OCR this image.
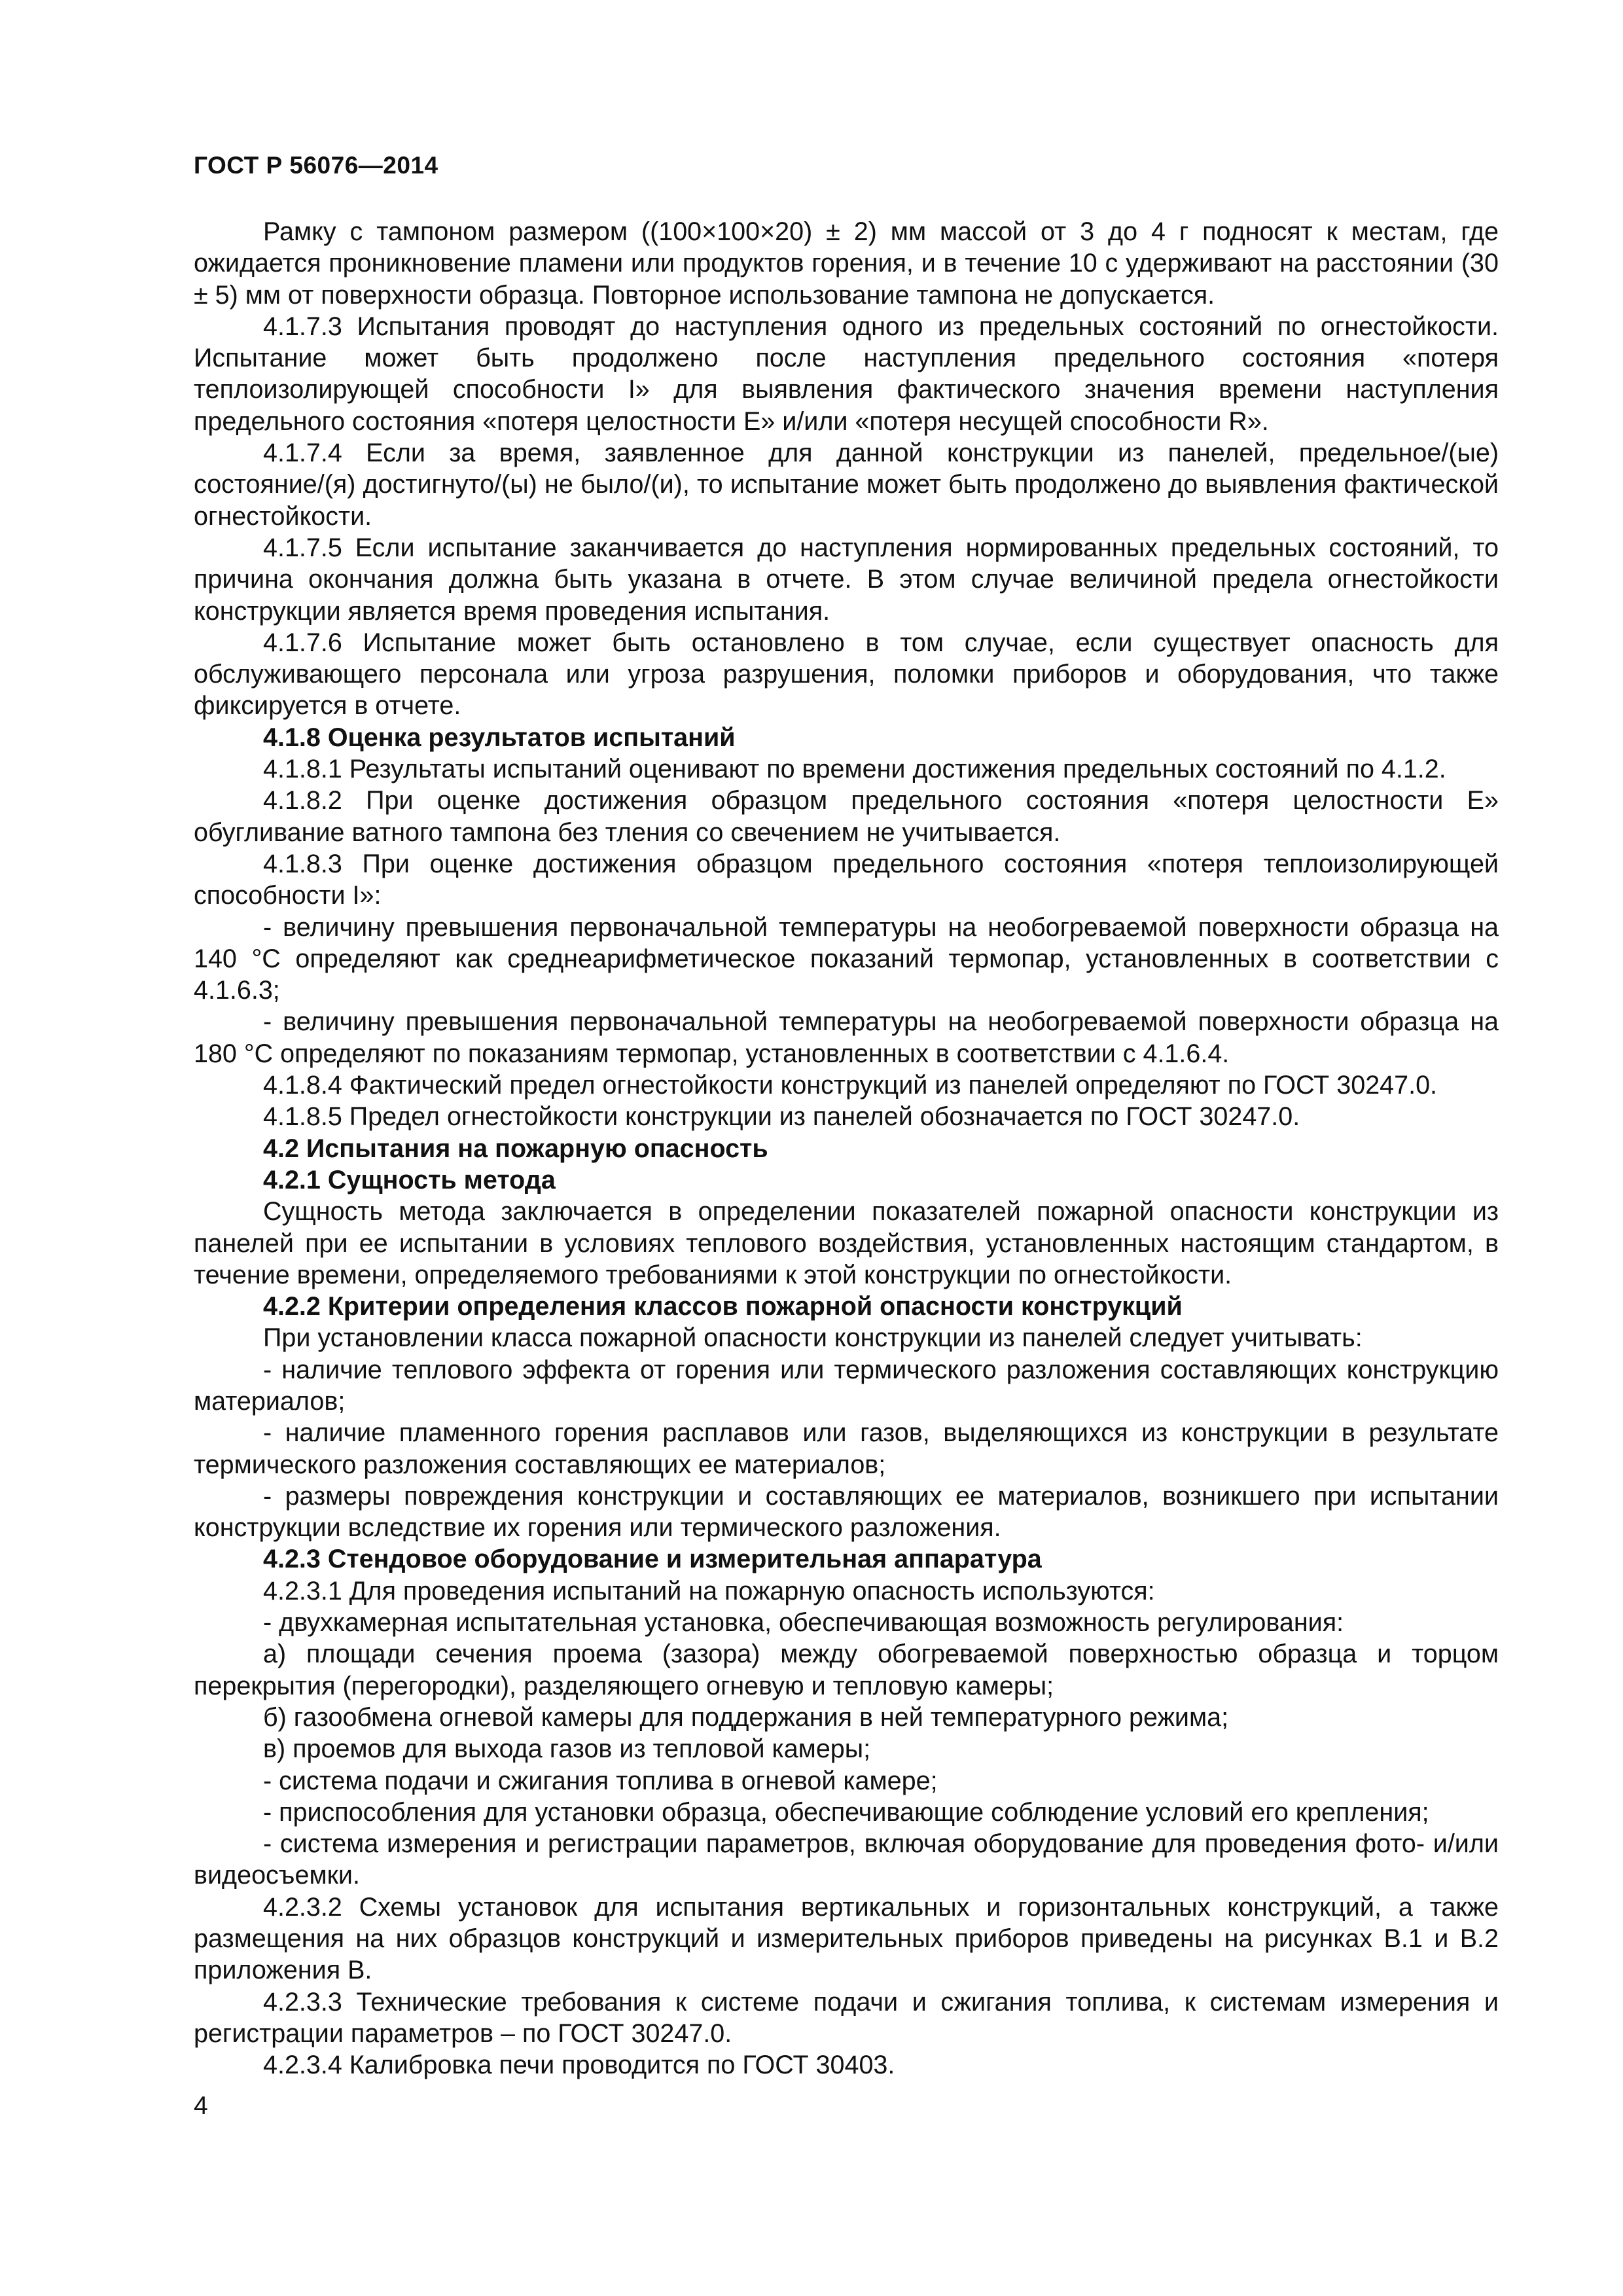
ГОСТ Р 56076—2014

Рамку с тампоном размером ((100×100×20) ± 2) мм массой от 3 до 4 г подносят к местам, где ожидается проникновение пламени или продуктов горения, и в течение 10 с удерживают на расстоянии (30 ± 5) мм от поверхности образца. Повторное использование тампона не допускается.

4.1.7.3 Испытания проводят до наступления одного из предельных состояний по огнестойкости. Испытание может быть продолжено после наступления предельного состояния «потеря теплоизолирующей способности I» для выявления фактического значения времени наступления предельного состояния «потеря целостности E» и/или «потеря несущей способности R».

4.1.7.4 Если за время, заявленное для данной конструкции из панелей, предельное/(ые) состояние/(я) достигнуто/(ы) не было/(и), то испытание может быть продолжено до выявления фактической огнестойкости.

4.1.7.5 Если испытание заканчивается до наступления нормированных предельных состояний, то причина окончания должна быть указана в отчете. В этом случае величиной предела огнестойкости конструкции является время проведения испытания.

4.1.7.6 Испытание может быть остановлено в том случае, если существует опасность для обслуживающего персонала или угроза разрушения, поломки приборов и оборудования, что также фиксируется в отчете.

4.1.8 Оценка результатов испытаний

4.1.8.1 Результаты испытаний оценивают по времени достижения предельных состояний по 4.1.2.

4.1.8.2 При оценке достижения образцом предельного состояния «потеря целостности E» обугливание ватного тампона без тления со свечением не учитывается.

4.1.8.3 При оценке достижения образцом предельного состояния «потеря теплоизолирующей способности I»:

- величину превышения первоначальной температуры на необогреваемой поверхности образца на 140 °С определяют как среднеарифметическое показаний термопар, установленных в соответствии с 4.1.6.3;

- величину превышения первоначальной температуры на необогреваемой поверхности образца на 180 °С определяют по показаниям термопар, установленных в соответствии с 4.1.6.4.

4.1.8.4 Фактический предел огнестойкости конструкций из панелей определяют по ГОСТ 30247.0.

4.1.8.5 Предел огнестойкости конструкции из панелей обозначается по ГОСТ 30247.0.

4.2 Испытания на пожарную опасность

4.2.1 Сущность метода

Сущность метода заключается в определении показателей пожарной опасности конструкции из панелей при ее испытании в условиях теплового воздействия, установленных настоящим стандартом, в течение времени, определяемого требованиями к этой конструкции по огнестойкости.

4.2.2 Критерии определения классов пожарной опасности конструкций

При установлении класса пожарной опасности конструкции из панелей следует учитывать:

- наличие теплового эффекта от горения или термического разложения составляющих конструкцию материалов;

- наличие пламенного горения расплавов или газов, выделяющихся из конструкции в результате термического разложения составляющих ее материалов;

- размеры повреждения конструкции и составляющих ее материалов, возникшего при испытании конструкции вследствие их горения или термического разложения.

4.2.3 Стендовое оборудование и измерительная аппаратура

4.2.3.1 Для проведения испытаний на пожарную опасность используются:

- двухкамерная испытательная установка, обеспечивающая возможность регулирования:

а) площади сечения проема (зазора) между обогреваемой поверхностью образца и торцом перекрытия (перегородки), разделяющего огневую и тепловую камеры;

б) газообмена огневой камеры для поддержания в ней температурного режима;

в) проемов для выхода газов из тепловой камеры;

- система подачи и сжигания топлива в огневой камере;

- приспособления для установки образца, обеспечивающие соблюдение условий его крепления;

- система измерения и регистрации параметров, включая оборудование для проведения фото- и/или видеосъемки.

4.2.3.2 Схемы установок для испытания вертикальных и горизонтальных конструкций, а также размещения на них образцов конструкций и измерительных приборов приведены на рисунках В.1 и В.2 приложения В.

4.2.3.3 Технические требования к системе подачи и сжигания топлива, к системам измерения и регистрации параметров – по ГОСТ 30247.0.

4.2.3.4 Калибровка печи проводится по ГОСТ 30403.

4
